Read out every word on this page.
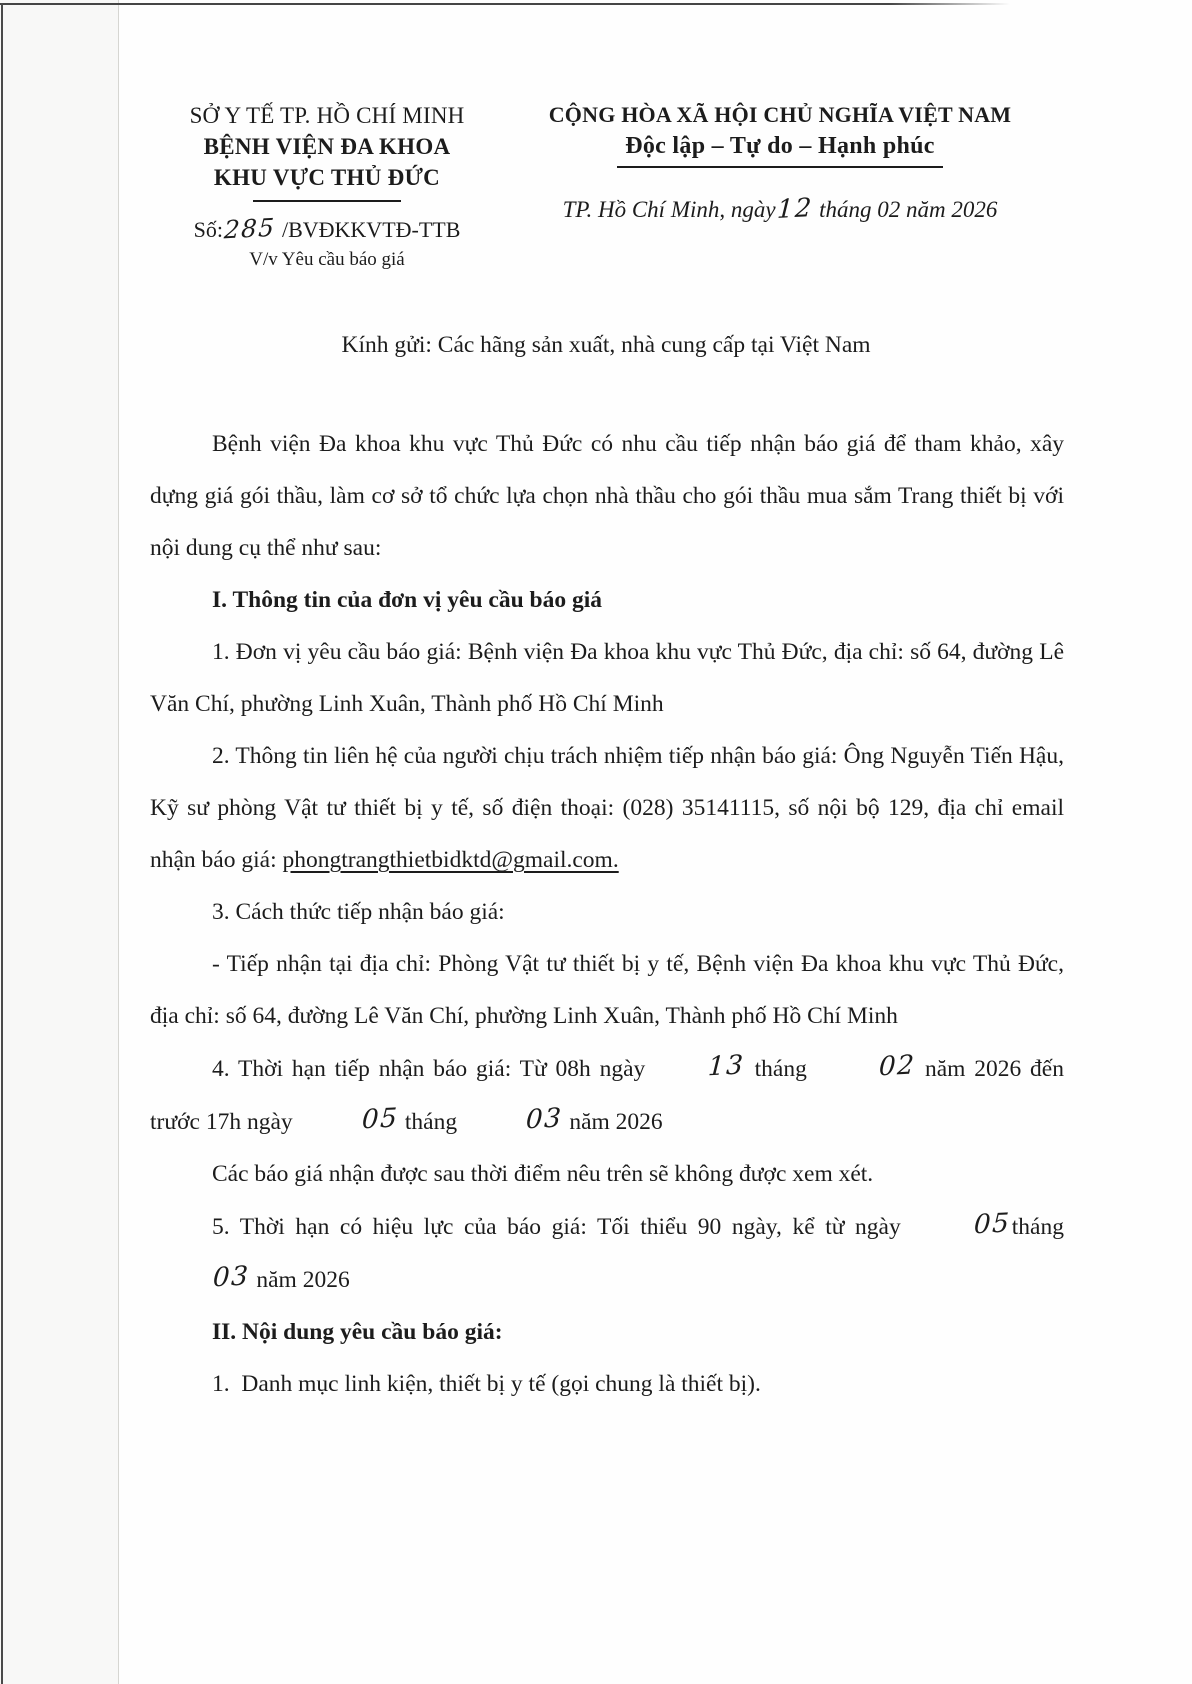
SỞ Y TẾ TP. HỒ CHÍ MINH
BỆNH VIỆN ĐA KHOA
KHU VỰC THỦ ĐỨC
Số:285 /BVĐKKVTĐ-TTB
V/v Yêu cầu báo giá
CỘNG HÒA XÃ HỘI CHỦ NGHĨA VIỆT NAM
Độc lập – Tự do – Hạnh phúc
TP. Hồ Chí Minh, ngày12 tháng 02 năm 2026
Kính gửi: Các hãng sản xuất, nhà cung cấp tại Việt Nam
Bệnh viện Đa khoa khu vực Thủ Đức có nhu cầu tiếp nhận báo giá để tham khảo, xây dựng giá gói thầu, làm cơ sở tổ chức lựa chọn nhà thầu cho gói thầu mua sắm Trang thiết bị với nội dung cụ thể như sau:
I. Thông tin của đơn vị yêu cầu báo giá
1. Đơn vị yêu cầu báo giá: Bệnh viện Đa khoa khu vực Thủ Đức, địa chỉ: số 64, đường Lê Văn Chí, phường Linh Xuân, Thành phố Hồ Chí Minh
2. Thông tin liên hệ của người chịu trách nhiệm tiếp nhận báo giá: Ông Nguyễn Tiến Hậu, Kỹ sư phòng Vật tư thiết bị y tế, số điện thoại: (028) 35141115, số nội bộ 129, địa chỉ email nhận báo giá: phongtrangthietbidktd@gmail.com.
3. Cách thức tiếp nhận báo giá:
- Tiếp nhận tại địa chỉ: Phòng Vật tư thiết bị y tế, Bệnh viện Đa khoa khu vực Thủ Đức, địa chỉ: số 64, đường Lê Văn Chí, phường Linh Xuân, Thành phố Hồ Chí Minh
4. Thời hạn tiếp nhận báo giá: Từ 08h ngày 13 tháng 02 năm 2026 đến trước 17h ngày 05 tháng 03 năm 2026
Các báo giá nhận được sau thời điểm nêu trên sẽ không được xem xét.
5. Thời hạn có hiệu lực của báo giá: Tối thiểu 90 ngày, kể từ ngày 05tháng 03 năm 2026
II. Nội dung yêu cầu báo giá:
1.  Danh mục linh kiện, thiết bị y tế (gọi chung là thiết bị).
